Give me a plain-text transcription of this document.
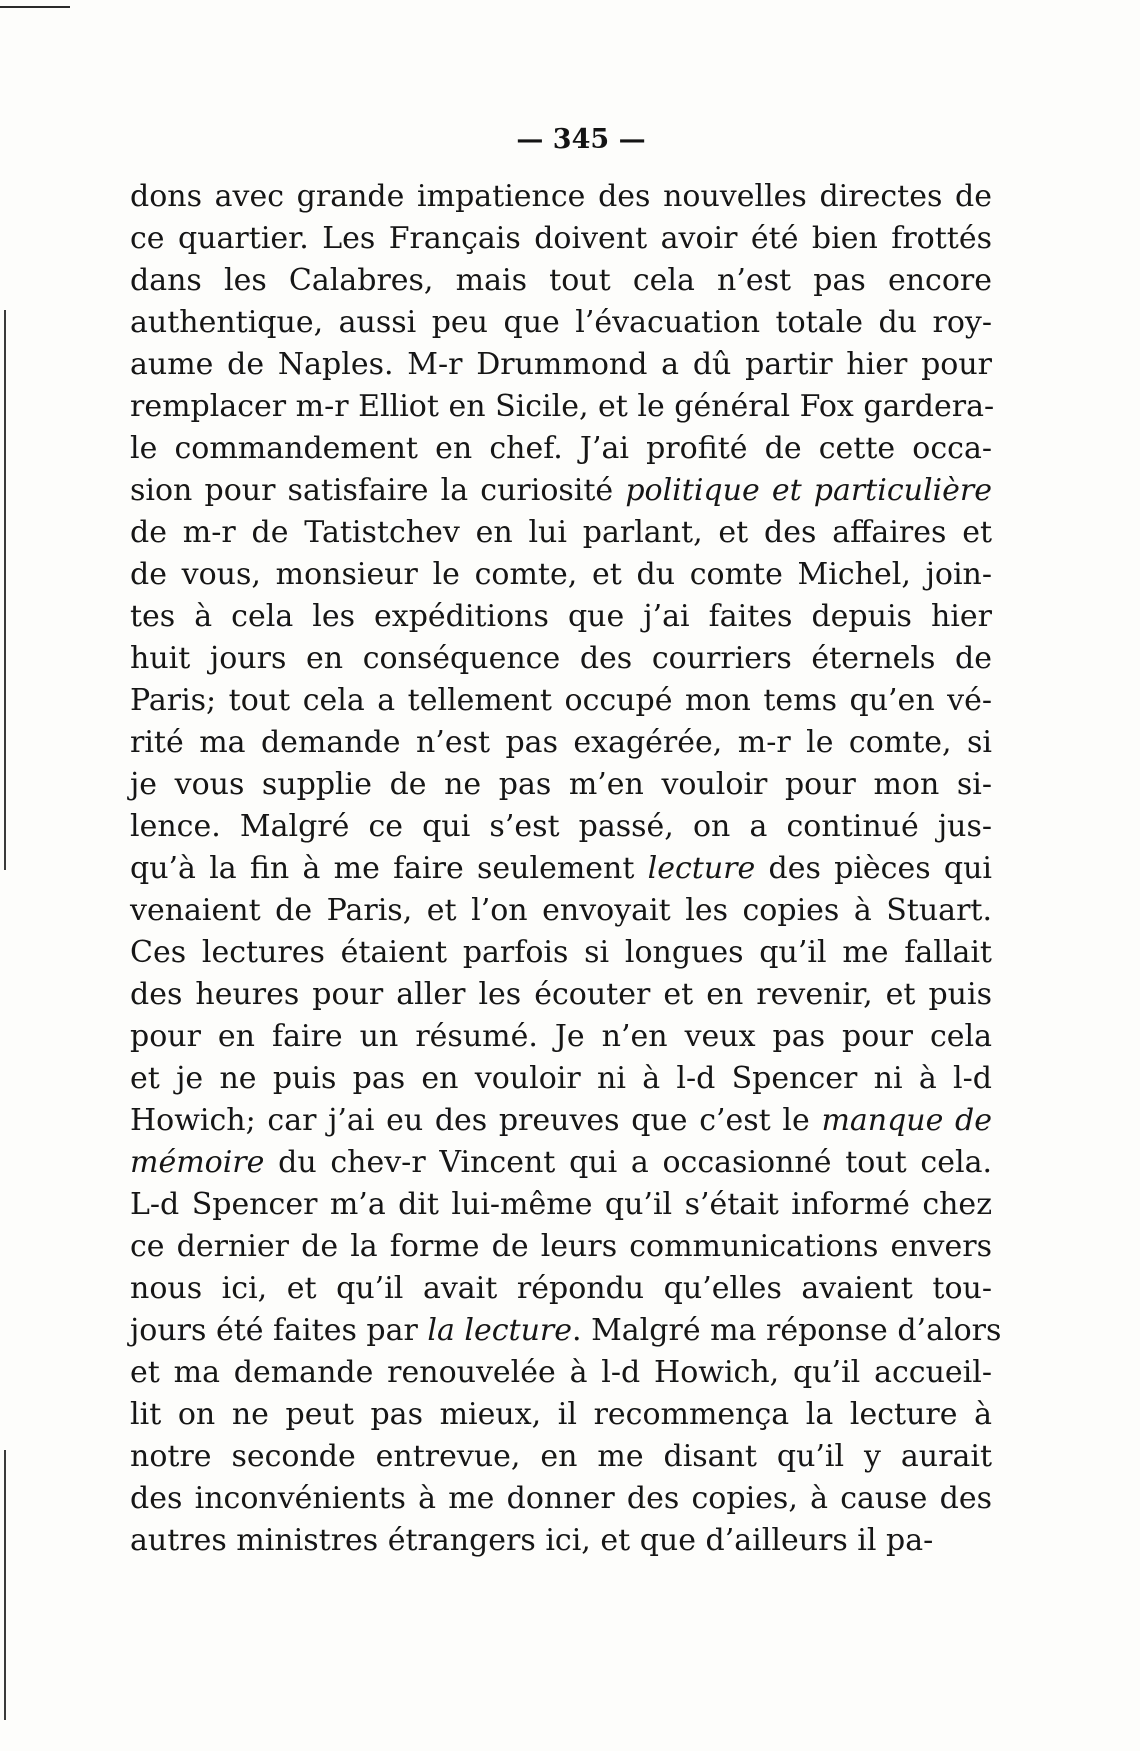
— 345 —
dons avec grande impatience des nouvelles directes de
ce quartier. Les Français doivent avoir été bien frottés
dans les Calabres, mais tout cela n’est pas encore
authentique, aussi peu que l’évacuation totale du roy-
aume de Naples. M-r Drummond a dû partir hier pour
remplacer m-r Elliot en Sicile, et le général Fox gardera-
le commandement en chef. J’ai profité de cette occa-
sion pour satisfaire la curiosité politique et particulière
de m-r de Tatistchev en lui parlant, et des affaires et
de vous, monsieur le comte, et du comte Michel, join-
tes à cela les expéditions que j’ai faites depuis hier
huit jours en conséquence des courriers éternels de
Paris; tout cela a tellement occupé mon tems qu’en vé-
rité ma demande n’est pas exagérée, m-r le comte, si
je vous supplie de ne pas m’en vouloir pour mon si-
lence. Malgré ce qui s’est passé, on a continué jus-
qu’à la fin à me faire seulement lecture des pièces qui
venaient de Paris, et l’on envoyait les copies à Stuart.
Ces lectures étaient parfois si longues qu’il me fallait
des heures pour aller les écouter et en revenir, et puis
pour en faire un résumé. Je n’en veux pas pour cela
et je ne puis pas en vouloir ni à l-d Spencer ni à l-d
Howich; car j’ai eu des preuves que c’est le manque de
mémoire du chev-r Vincent qui a occasionné tout cela.
L-d Spencer m’a dit lui-même qu’il s’était informé chez
ce dernier de la forme de leurs communications envers
nous ici, et qu’il avait répondu qu’elles avaient tou-
jours été faites par la lecture. Malgré ma réponse d’alors
et ma demande renouvelée à l-d Howich, qu’il accueil-
lit on ne peut pas mieux, il recommença la lecture à
notre seconde entrevue, en me disant qu’il y aurait
des inconvénients à me donner des copies, à cause des
autres ministres étrangers ici, et que d’ailleurs il pa-
